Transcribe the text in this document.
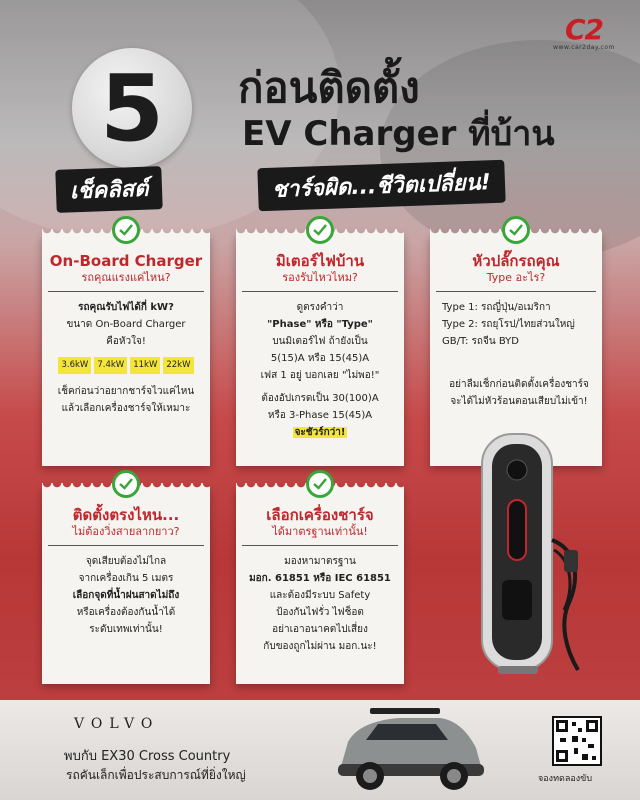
C2
www.car2day.com
5
เช็คลิสต์
ก่อนติดตั้ง
EV Charger ที่บ้าน
ชาร์จผิด...ชีวิตเปลี่ยน!
On-Board Charger
รถคุณแรงแค่ไหน?

รถคุณรับไฟได้กี่ kW?

ขนาด On-Board Charger

คือหัวใจ!

3.6kW	7.4kW	11kW	22kW

เช็คก่อนว่าอยากชาร์จไวแค่ไหน

แล้วเลือกเครื่องชาร์จให้เหมาะ

มิเตอร์ไฟบ้าน
รองรับไหวไหม?

ดูตรงคำว่า

"Phase" หรือ "Type"

บนมิเตอร์ไฟ ถ้ายังเป็น

5(15)A หรือ 15(45)A

เฟส 1 อยู่ บอกเลย "ไม่พอ!"

ต้องอัปเกรดเป็น 30(100)A

หรือ 3-Phase 15(45)A

จะชัวร์กว่า!

หัวปลั๊กรถคุณ
Type อะไร?

Type 1: รถญี่ปุ่น/อเมริกา

Type 2: รถยุโรป/ไทยส่วนใหญ่

GB/T: รถจีน BYD

อย่าลืมเช็กก่อนติดตั้งเครื่องชาร์จ

จะได้ไม่หัวร้อนตอนเสียบไม่เข้า!

ติดตั้งตรงไหน...
ไม่ต้องวิ่งสายลากยาว?

จุดเสียบต้องไม่ไกล

จากเครื่องเกิน 5 เมตร

เลือกจุดที่น้ำฝนสาดไม่ถึง

หรือเครื่องต้องกันน้ำได้

ระดับเทพเท่านั้น!

เลือกเครื่องชาร์จ
ได้มาตรฐานเท่านั้น!

มองหามาตรฐาน

มอก. 61851 หรือ IEC 61851

และต้องมีระบบ Safety

ป้องกันไฟรั่ว ไฟช็อต

อย่าเอาอนาคตไปเสี่ยง

กับของถูกไม่ผ่าน มอก.นะ!

VOLVO
พบกับ EX30 Cross Country
รถคันเล็กเพื่อประสบการณ์ที่ยิ่งใหญ่	จองทดลองขับ
